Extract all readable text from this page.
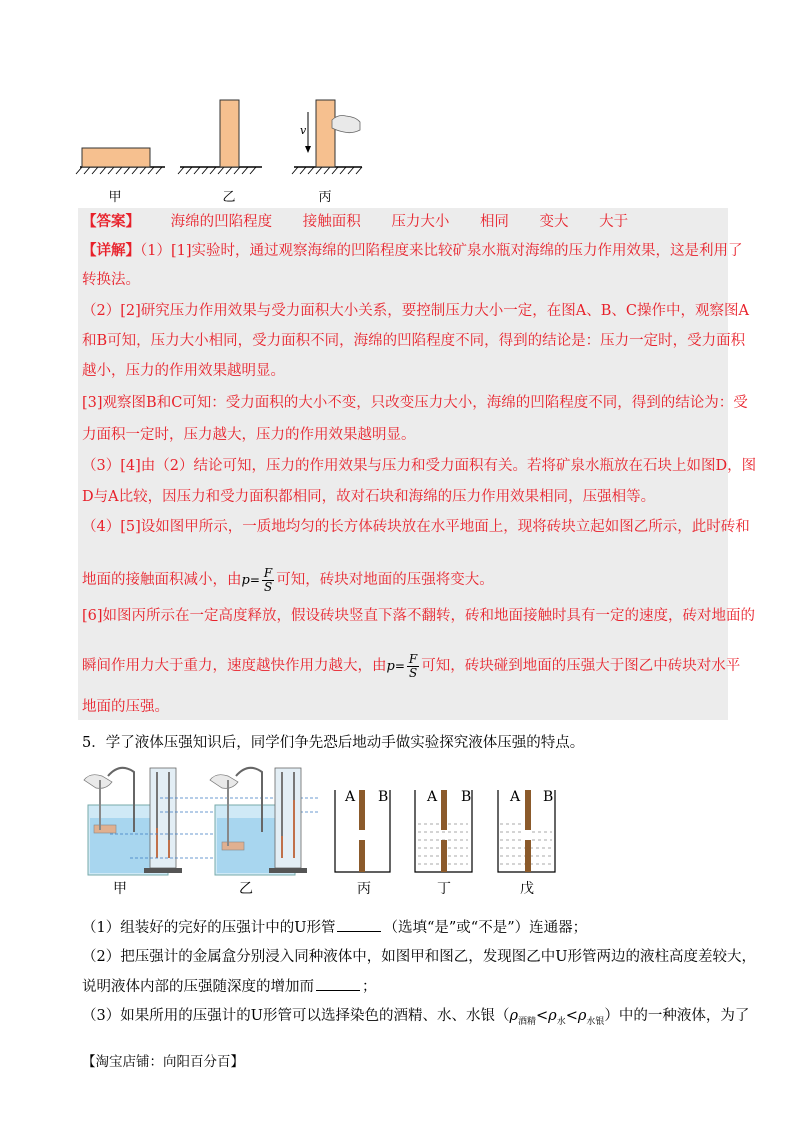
v
甲	乙	丙
【答案】 海绵的凹陷程度 接触面积 压力大小 相同 变大 大于
【详解】（1）[1]实验时，通过观察海绵的凹陷程度来比较矿泉水瓶对海绵的压力作用效果，这是利用了
转换法。
（2）[2]研究压力作用效果与受力面积大小关系，要控制压力大小一定，在图A、B、C操作中，观察图A
和B可知，压力大小相同，受力面积不同，海绵的凹陷程度不同，得到的结论是：压力一定时，受力面积
越小，压力的作用效果越明显。
[3]观察图B和C可知：受力面积的大小不变，只改变压力大小，海绵的凹陷程度不同，得到的结论为：受
力面积一定时，压力越大，压力的作用效果越明显。
（3）[4]由（2）结论可知，压力的作用效果与压力和受力面积有关。若将矿泉水瓶放在石块上如图D，图
D与A比较，因压力和受力面积都相同，故对石块和海绵的压力作用效果相同，压强相等。
（4）[5]设如图甲所示，一质地均匀的长方体砖块放在水平地面上，现将砖块立起如图乙所示，此时砖和
地面的接触面积减小，由$p= \frac{F}{S}$ 可知，砖块对地面的压强将变大。
[6]如图丙所示在一定高度释放，假设砖块竖直下落不翻转，砖和地面接触时具有一定的速度，砖对地面的
瞬间作用力大于重力，速度越快作用力越大，由$p= \frac{F}{S}$ 可知，砖块碰到地面的压强大于图乙中砖块对水平
地面的压强。
5．学了液体压强知识后，同学们争先恐后地动手做实验探究液体压强的特点。
A B	A B	A B
甲	乙	丙	丁	戊
（1）组装好的完好的压强计中的U形管	（选填“是”或“不是”）连通器；
（2）把压强计的金属盒分别浸入同种液体中，如图甲和图乙，发现图乙中U形管两边的液柱高度差较大，
说明液体内部的压强随深度的增加而	；
（3）如果所用的压强计的U形管可以选择染色的酒精、水、水银$(\rho_{酒精}<\rho_水<\rho_{水银})$中的一种液体，为了
【淘宝店铺：向阳百分百】
